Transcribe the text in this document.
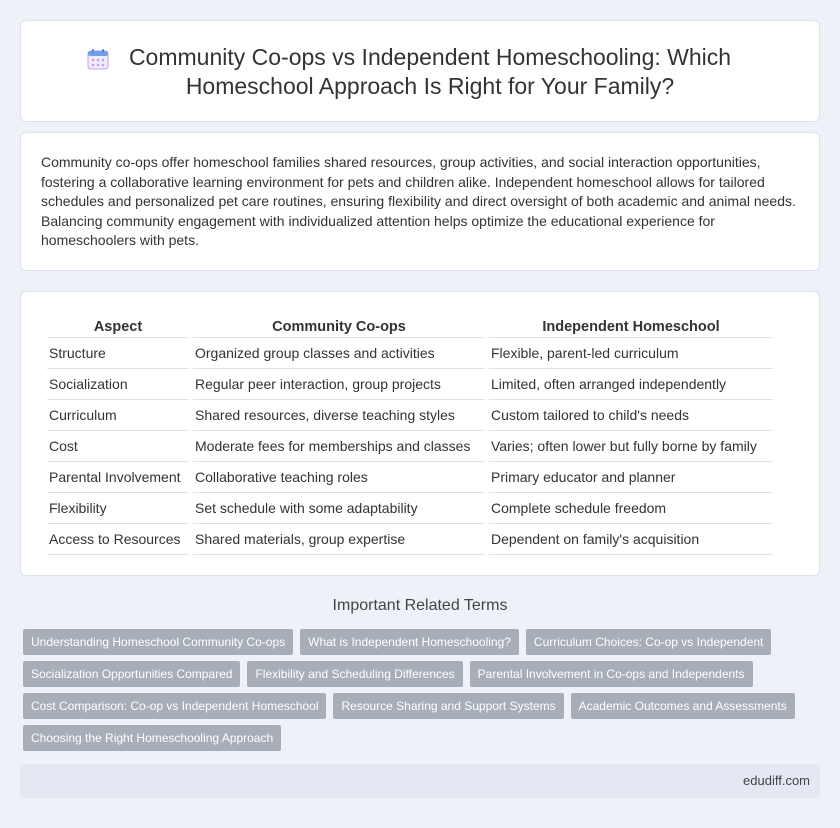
Community Co-ops vs Independent Homeschooling: Which Homeschool Approach Is Right for Your Family?

Community co-ops offer homeschool families shared resources, group activities, and social interaction opportunities, fostering a collaborative learning environment for pets and children alike. Independent homeschool allows for tailored schedules and personalized pet care routines, ensuring flexibility and direct oversight of both academic and animal needs. Balancing community engagement with individualized attention helps optimize the educational experience for homeschoolers with pets.

Aspect	Community Co-ops	Independent Homeschool
Structure	Organized group classes and activities	Flexible, parent-led curriculum
Socialization	Regular peer interaction, group projects	Limited, often arranged independently
Curriculum	Shared resources, diverse teaching styles	Custom tailored to child's needs
Cost	Moderate fees for memberships and classes	Varies; often lower but fully borne by family
Parental Involvement	Collaborative teaching roles	Primary educator and planner
Flexibility	Set schedule with some adaptability	Complete schedule freedom
Access to Resources	Shared materials, group expertise	Dependent on family's acquisition
Important Related Terms
Understanding Homeschool Community Co-ops	What is Independent Homeschooling?	Curriculum Choices: Co-op vs Independent
Socialization Opportunities Compared	Flexibility and Scheduling Differences	Parental Involvement in Co-ops and Independents
Cost Comparison: Co-op vs Independent Homeschool	Resource Sharing and Support Systems	Academic Outcomes and Assessments
Choosing the Right Homeschooling Approach
edudiff.com
